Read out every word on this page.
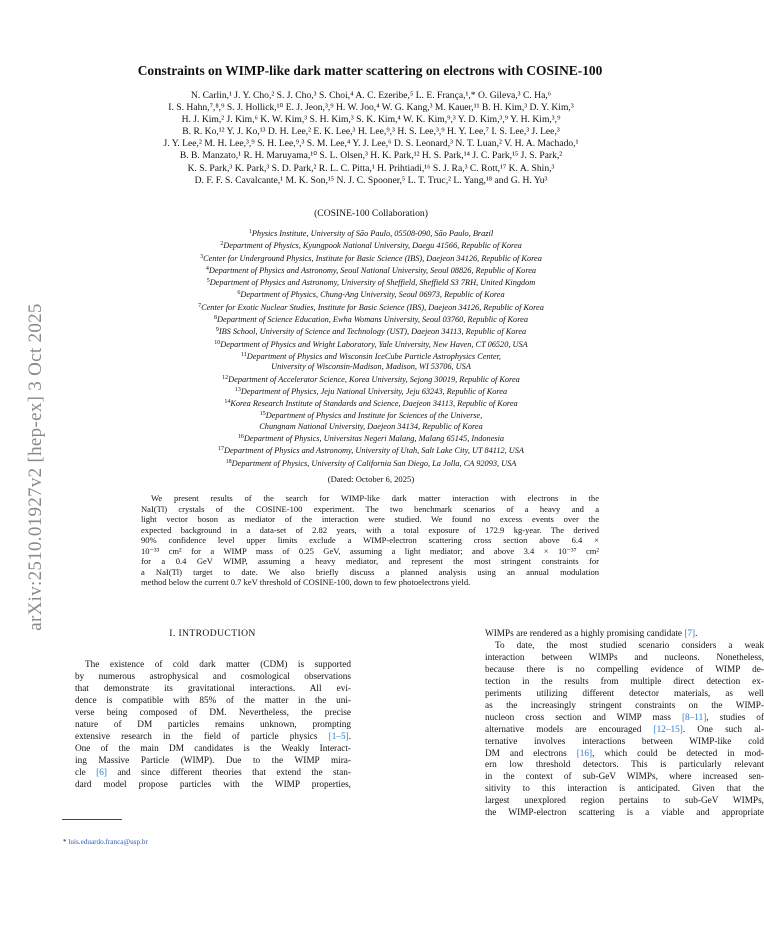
arXiv:2510.01927v2 [hep-ex] 3 Oct 2025
Constraints on WIMP-like dark matter scattering on electrons with COSINE-100
N. Carlin,¹ J. Y. Cho,² S. J. Cho,³ S. Choi,⁴ A. C. Ezeribe,⁵ L. E. França,¹,* O. Gileva,³ C. Ha,⁶
I. S. Hahn,⁷,⁸,⁹ S. J. Hollick,¹⁰ E. J. Jeon,³,⁹ H. W. Joo,⁴ W. G. Kang,³ M. Kauer,¹¹ B. H. Kim,³ D. Y. Kim,³
H. J. Kim,² J. Kim,⁶ K. W. Kim,³ S. H. Kim,³ S. K. Kim,⁴ W. K. Kim,⁹,³ Y. D. Kim,³,⁹ Y. H. Kim,³,⁹
B. R. Ko,¹² Y. J. Ko,¹³ D. H. Lee,² E. K. Lee,³ H. Lee,⁹,³ H. S. Lee,³,⁹ H. Y. Lee,⁷ I. S. Lee,³ J. Lee,³
J. Y. Lee,² M. H. Lee,³,⁹ S. H. Lee,⁹,³ S. M. Lee,⁴ Y. J. Lee,⁶ D. S. Leonard,³ N. T. Luan,² V. H. A. Machado,¹
B. B. Manzato,¹ R. H. Maruyama,¹⁰ S. L. Olsen,³ H. K. Park,¹² H. S. Park,¹⁴ J. C. Park,¹⁵ J. S. Park,²
K. S. Park,³ K. Park,³ S. D. Park,² R. L. C. Pitta,¹ H. Prihtiadi,¹⁶ S. J. Ra,³ C. Rott,¹⁷ K. A. Shin,³
D. F. F. S. Cavalcante,¹ M. K. Son,¹⁵ N. J. C. Spooner,⁵ L. T. Truc,² L. Yang,¹⁸ and G. H. Yu³
(COSINE-100 Collaboration)
$^1$Physics Institute, University of São Paulo, 05508-090, São Paulo, Brazil
$^2$Department of Physics, Kyungpook National University, Daegu 41566, Republic of Korea
$^3$Center for Underground Physics, Institute for Basic Science (IBS), Daejeon 34126, Republic of Korea
$^4$Department of Physics and Astronomy, Seoul National University, Seoul 08826, Republic of Korea
$^5$Department of Physics and Astronomy, University of Sheffield, Sheffield S3 7RH, United Kingdom
$^6$Department of Physics, Chung-Ang University, Seoul 06973, Republic of Korea
$^7$Center for Exotic Nuclear Studies, Institute for Basic Science (IBS), Daejeon 34126, Republic of Korea
$^8$Department of Science Education, Ewha Womans University, Seoul 03760, Republic of Korea
$^9$IBS School, University of Science and Technology (UST), Daejeon 34113, Republic of Korea
$^{10}$Department of Physics and Wright Laboratory, Yale University, New Haven, CT 06520, USA
$^{11}$Department of Physics and Wisconsin IceCube Particle Astrophysics Center,
University of Wisconsin-Madison, Madison, WI 53706, USA
$^{12}$Department of Accelerator Science, Korea University, Sejong 30019, Republic of Korea
$^{13}$Department of Physics, Jeju National University, Jeju 63243, Republic of Korea
$^{14}$Korea Research Institute of Standards and Science, Daejeon 34113, Republic of Korea
$^{15}$Department of Physics and Institute for Sciences of the Universe,
Chungnam National University, Daejeon 34134, Republic of Korea
$^{16}$Department of Physics, Universitas Negeri Malang, Malang 65145, Indonesia
$^{17}$Department of Physics and Astronomy, University of Utah, Salt Lake City, UT 84112, USA
$^{18}$Department of Physics, University of California San Diego, La Jolla, CA 92093, USA
(Dated: October 6, 2025)
We present results of the search for WIMP-like dark matter interaction with electrons in the
NaI(Tl) crystals of the COSINE-100 experiment. The two benchmark scenarios of a heavy and a
light vector boson as mediator of the interaction were studied. We found no excess events over the
expected background in a data-set of 2.82 years, with a total exposure of 172.9 kg-year. The derived
90% confidence level upper limits exclude a WIMP-electron scattering cross section above 6.4 ×
10⁻³³ cm² for a WIMP mass of 0.25 GeV, assuming a light mediator; and above 3.4 × 10⁻³⁷ cm²
for a 0.4 GeV WIMP, assuming a heavy mediator, and represent the most stringent constraints for
a NaI(Tl) target to date. We also briefly discuss a planned analysis using an annual modulation
method below the current 0.7 keV threshold of COSINE-100, down to few photoelectrons yield.
I. INTRODUCTION
The existence of cold dark matter (CDM) is supported
by numerous astrophysical and cosmological observations
that demonstrate its gravitational interactions. All evi-
dence is compatible with 85% of the matter in the uni-
verse being composed of DM. Nevertheless, the precise
nature of DM particles remains unknown, prompting
extensive research in the field of particle physics [1–5].
One of the main DM candidates is the Weakly Interact-
ing Massive Particle (WIMP). Due to the WIMP mira-
cle [6] and since different theories that extend the stan-
dard model propose particles with the WIMP properties,
WIMPs are rendered as a highly promising candidate [7].
To date, the most studied scenario considers a weak
interaction between WIMPs and nucleons. Nonetheless,
because there is no compelling evidence of WIMP de-
tection in the results from multiple direct detection ex-
periments utilizing different detector materials, as well
as the increasingly stringent constraints on the WIMP-
nucleon cross section and WIMP mass [8–11], studies of
alternative models are encouraged [12–15]. One such al-
ternative involves interactions between WIMP-like cold
DM and electrons [16], which could be detected in mod-
ern low threshold detectors. This is particularly relevant
in the context of sub-GeV WIMPs, where increased sen-
sitivity to this interaction is anticipated. Given that the
largest unexplored region pertains to sub-GeV WIMPs,
the WIMP-electron scattering is a viable and appropriate
* luis.eduardo.franca@usp.br
